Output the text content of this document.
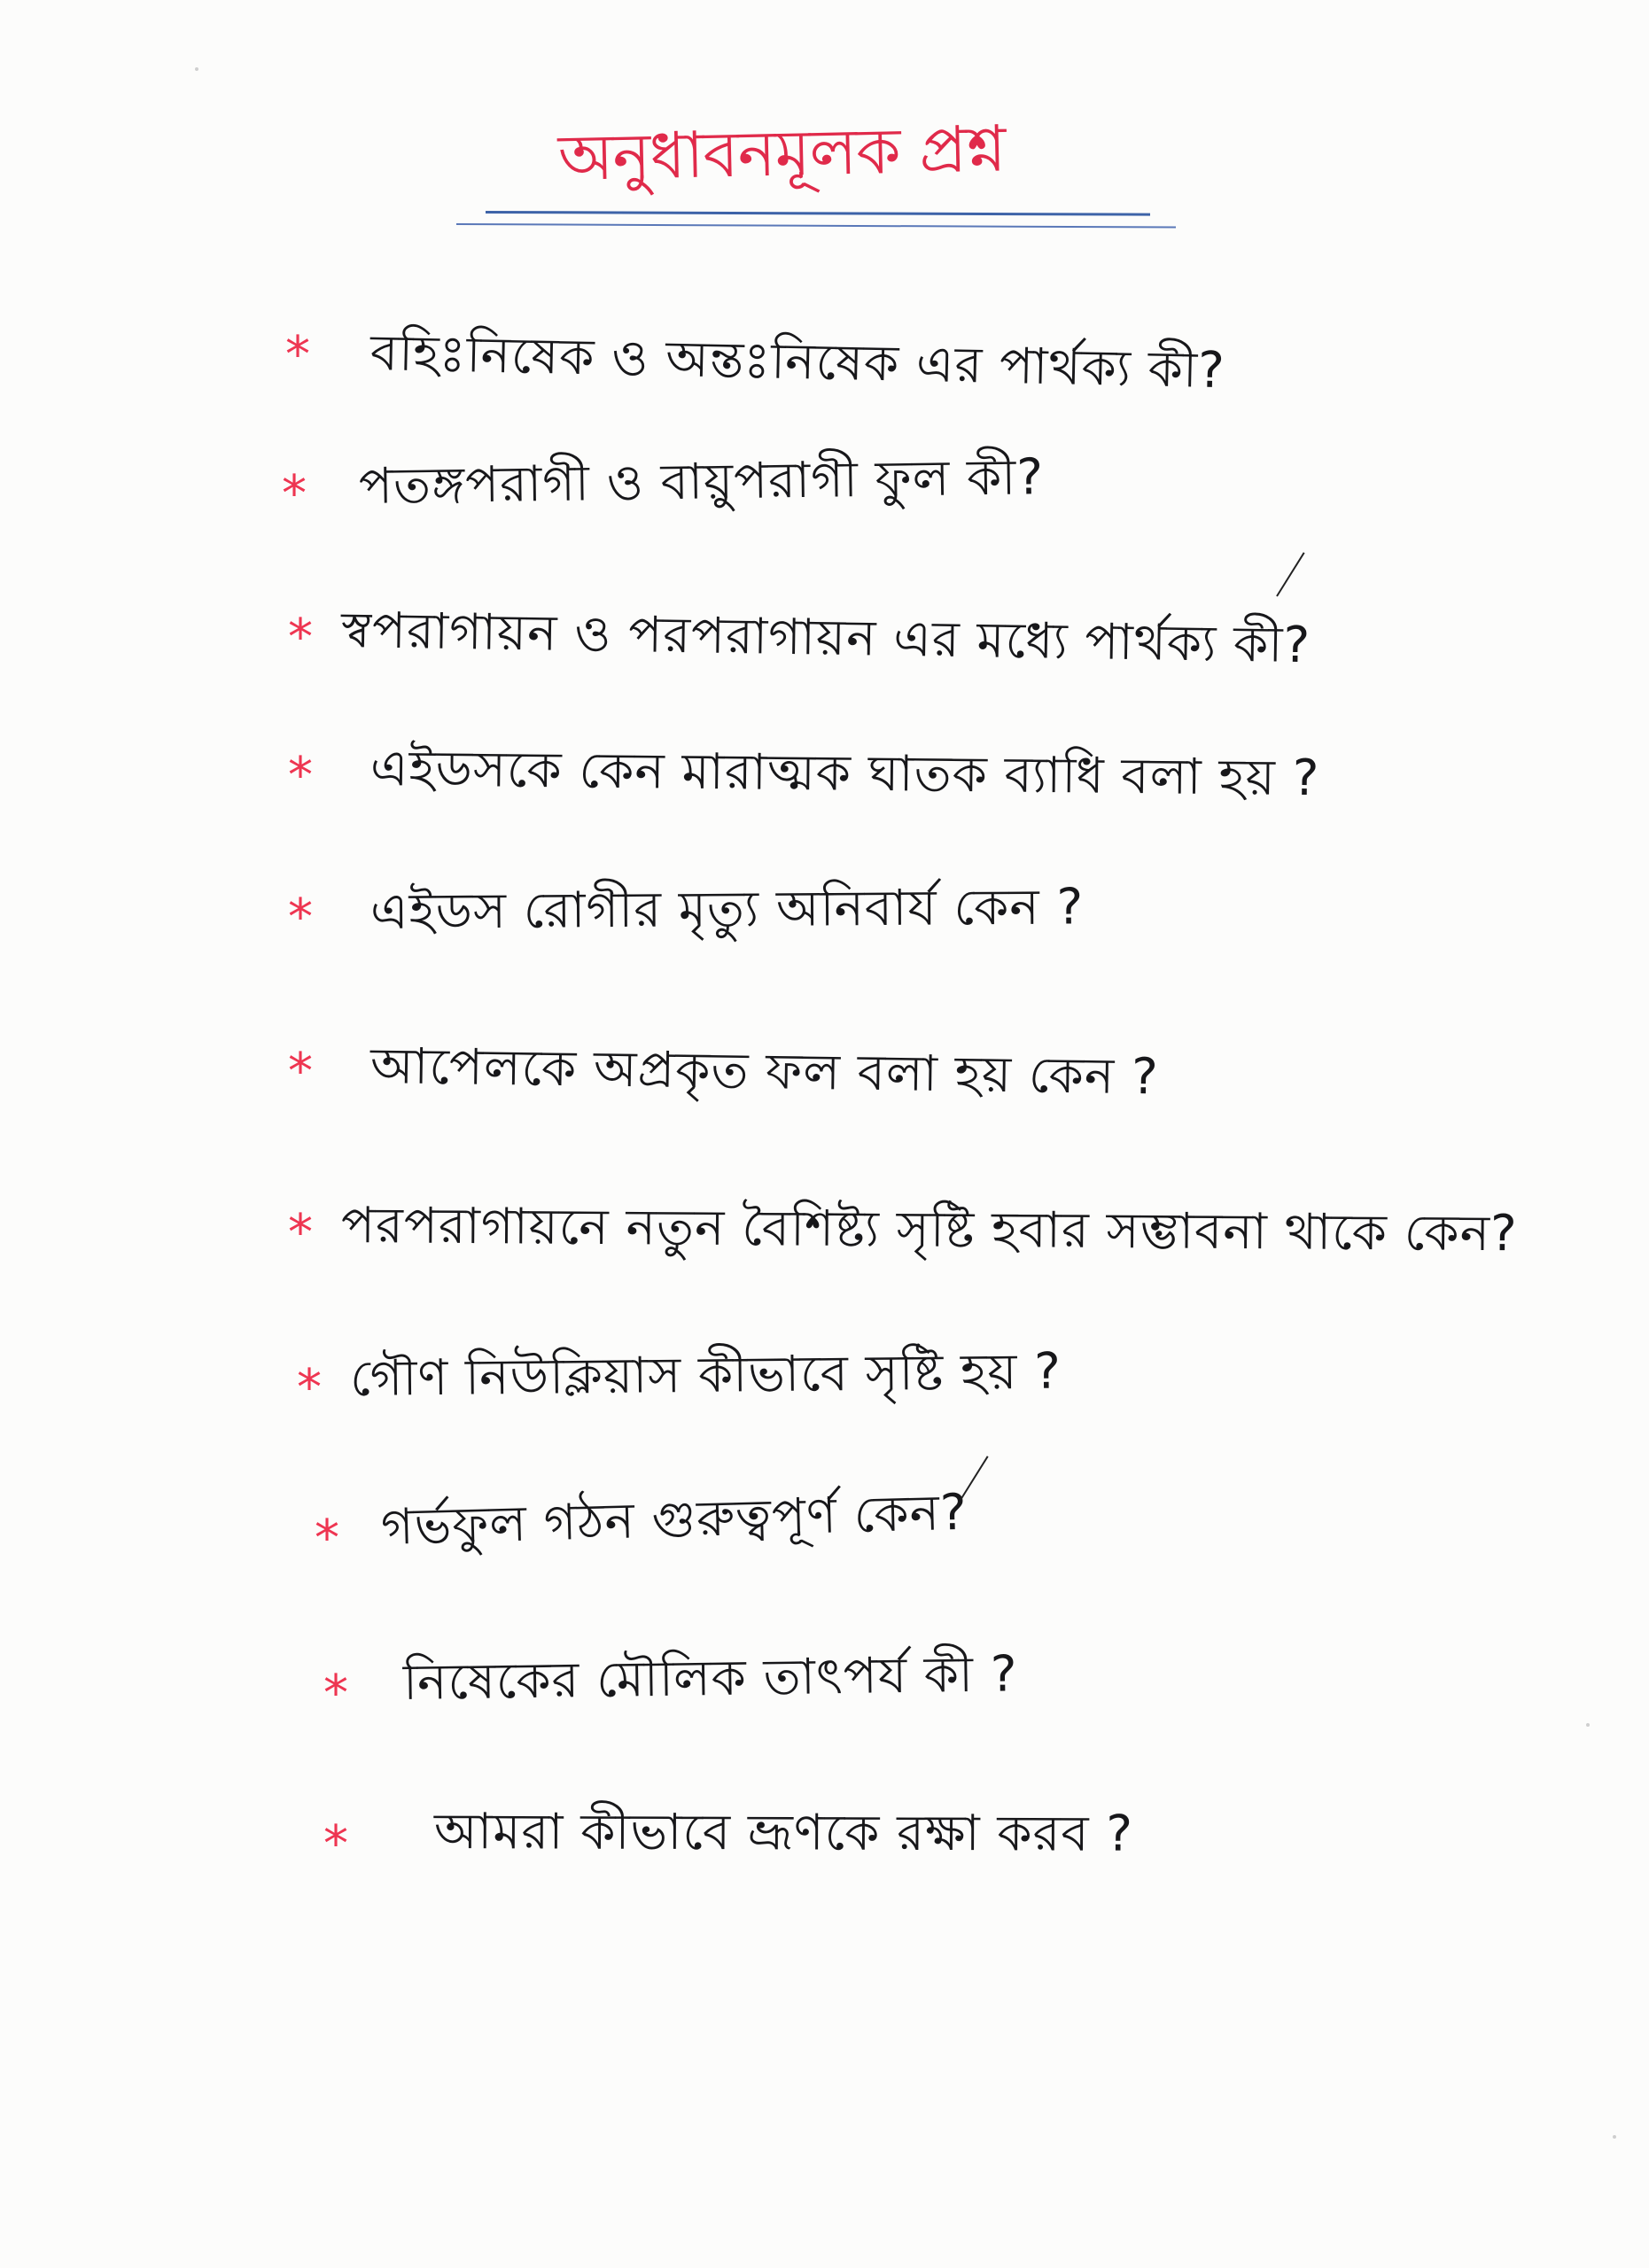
অনুধাবনমূলক প্রশ্ন
* বহিঃনিষেক ও অন্তঃনিষেক এর পার্থক্য কী?
* পতঙ্গপরাগী ও বায়ুপরাগী ফুল কী?
* স্বপরাগায়ন ও পরপরাগায়ন এর মধ্যে পার্থক্য কী?
* এইডসকে কেন মারাত্মক ঘাতক ব্যাধি বলা হয় ?
* এইডস রোগীর মৃত্যু অনিবার্য কেন ?
* আপেলকে অপ্রকৃত ফল বলা হয় কেন ?
* পরপরাগায়নে নতুন বৈশিষ্ট্য সৃষ্টি হবার সম্ভাবনা থাকে কেন?
* গৌণ নিউক্লিয়াস কীভাবে সৃষ্টি হয় ?
* গর্ভফুল গঠন গুরুত্বপূর্ণ কেন?
* নিষেকের মৌলিক তাৎপর্য কী ?
* আমরা কীভাবে ভ্রূণকে রক্ষা করব ?
